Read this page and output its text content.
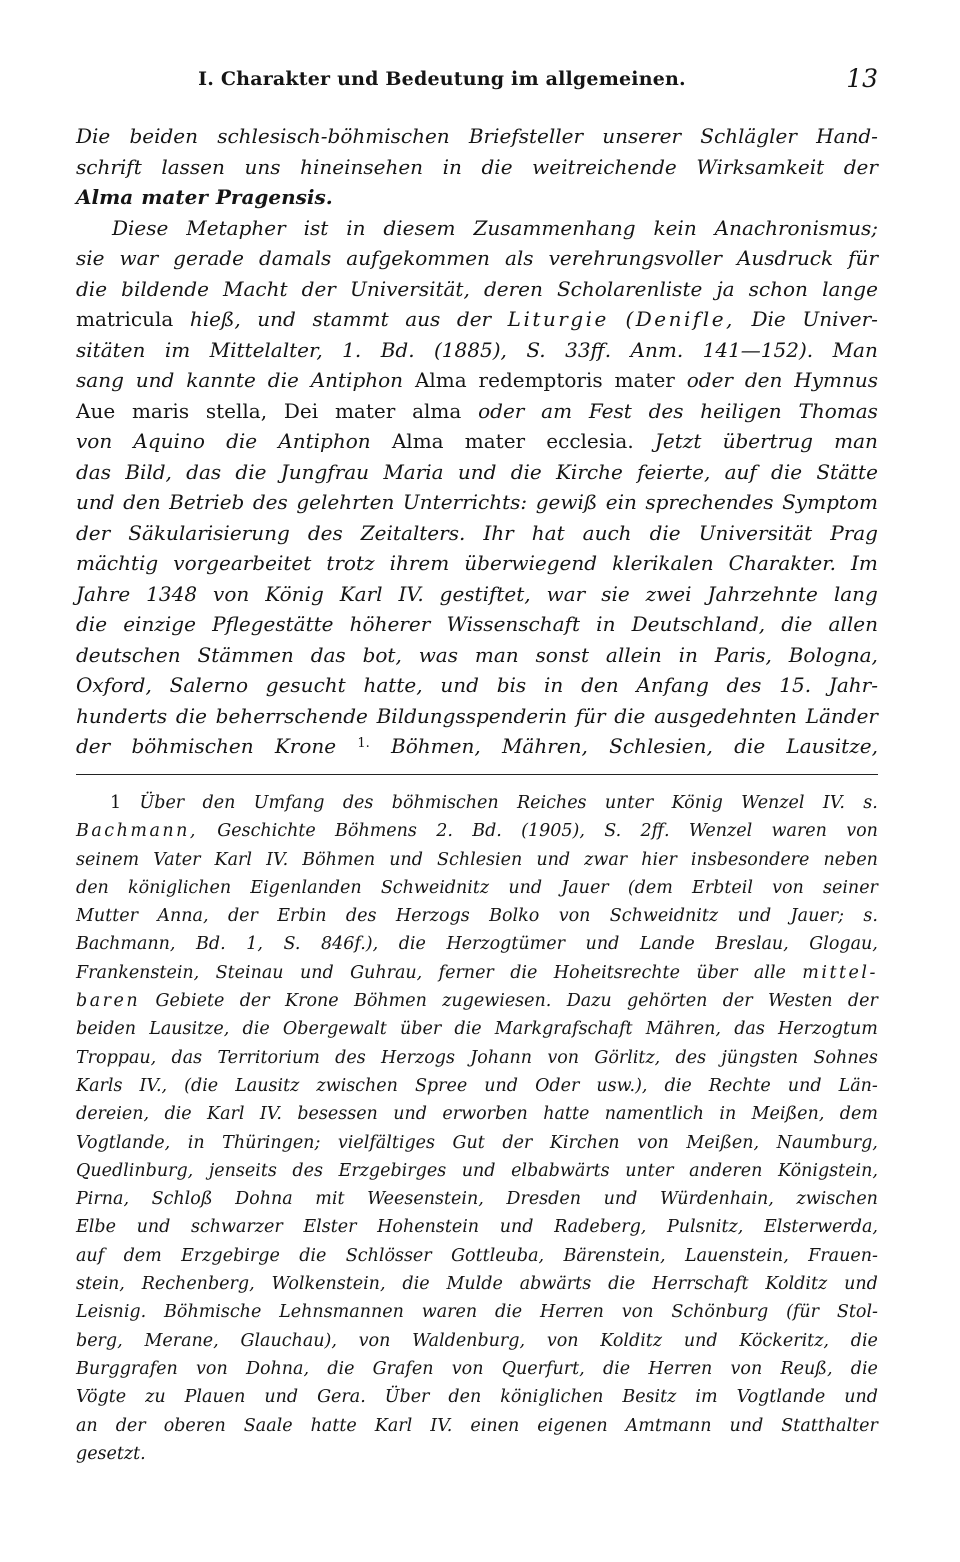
I. Charakter und Bedeutung im allgemeinen.	13
Die beiden schlesisch-böhmischen Briefsteller unserer Schlägler Hand-
schrift lassen uns hineinsehen in die weitreichende Wirksamkeit der
Alma mater Pragensis.
Diese Metapher ist in diesem Zusammenhang kein Anachronismus;
sie war gerade damals aufgekommen als verehrungsvoller Ausdruck für
die bildende Macht der Universität, deren Scholarenliste ja schon lange
matricula hieß, und stammt aus der Liturgie (Denifle, Die Univer-
sitäten im Mittelalter, 1. Bd. (1885), S. 33ff. Anm. 141—152). Man
sang und kannte die Antiphon Alma redemptoris mater oder den Hymnus
Aue maris stella, Dei mater alma oder am Fest des heiligen Thomas
von Aquino die Antiphon Alma mater ecclesia. Jetzt übertrug man
das Bild, das die Jungfrau Maria und die Kirche feierte, auf die Stätte
und den Betrieb des gelehrten Unterrichts: gewiß ein sprechendes Symptom
der Säkularisierung des Zeitalters. Ihr hat auch die Universität Prag
mächtig vorgearbeitet trotz ihrem überwiegend klerikalen Charakter. Im
Jahre 1348 von König Karl IV. gestiftet, war sie zwei Jahrzehnte lang
die einzige Pflegestätte höherer Wissenschaft in Deutschland, die allen
deutschen Stämmen das bot, was man sonst allein in Paris, Bologna,
Oxford, Salerno gesucht hatte, und bis in den Anfang des 15. Jahr-
hunderts die beherrschende Bildungsspenderin für die ausgedehnten Länder
der böhmischen Krone 1. Böhmen, Mähren, Schlesien, die Lausitze,
1 Über den Umfang des böhmischen Reiches unter König Wenzel IV. s.
Bachmann, Geschichte Böhmens 2. Bd. (1905), S. 2ff. Wenzel waren von
seinem Vater Karl IV. Böhmen und Schlesien und zwar hier insbesondere neben
den königlichen Eigenlanden Schweidnitz und Jauer (dem Erbteil von seiner
Mutter Anna, der Erbin des Herzogs Bolko von Schweidnitz und Jauer; s.
Bachmann, Bd. 1, S. 846f.), die Herzogtümer und Lande Breslau, Glogau,
Frankenstein, Steinau und Guhrau, ferner die Hoheitsrechte über alle mittel-
baren Gebiete der Krone Böhmen zugewiesen. Dazu gehörten der Westen der
beiden Lausitze, die Obergewalt über die Markgrafschaft Mähren, das Herzogtum
Troppau, das Territorium des Herzogs Johann von Görlitz, des jüngsten Sohnes
Karls IV., (die Lausitz zwischen Spree und Oder usw.), die Rechte und Län-
dereien, die Karl IV. besessen und erworben hatte namentlich in Meißen, dem
Vogtlande, in Thüringen; vielfältiges Gut der Kirchen von Meißen, Naumburg,
Quedlinburg, jenseits des Erzgebirges und elbabwärts unter anderen Königstein,
Pirna, Schloß Dohna mit Weesenstein, Dresden und Würdenhain, zwischen
Elbe und schwarzer Elster Hohenstein und Radeberg, Pulsnitz, Elsterwerda,
auf dem Erzgebirge die Schlösser Gottleuba, Bärenstein, Lauenstein, Frauen-
stein, Rechenberg, Wolkenstein, die Mulde abwärts die Herrschaft Kolditz und
Leisnig. Böhmische Lehnsmannen waren die Herren von Schönburg (für Stol-
berg, Merane, Glauchau), von Waldenburg, von Kolditz und Köckeritz, die
Burggrafen von Dohna, die Grafen von Querfurt, die Herren von Reuß, die
Vögte zu Plauen und Gera. Über den königlichen Besitz im Vogtlande und
an der oberen Saale hatte Karl IV. einen eigenen Amtmann und Statthalter
gesetzt.
